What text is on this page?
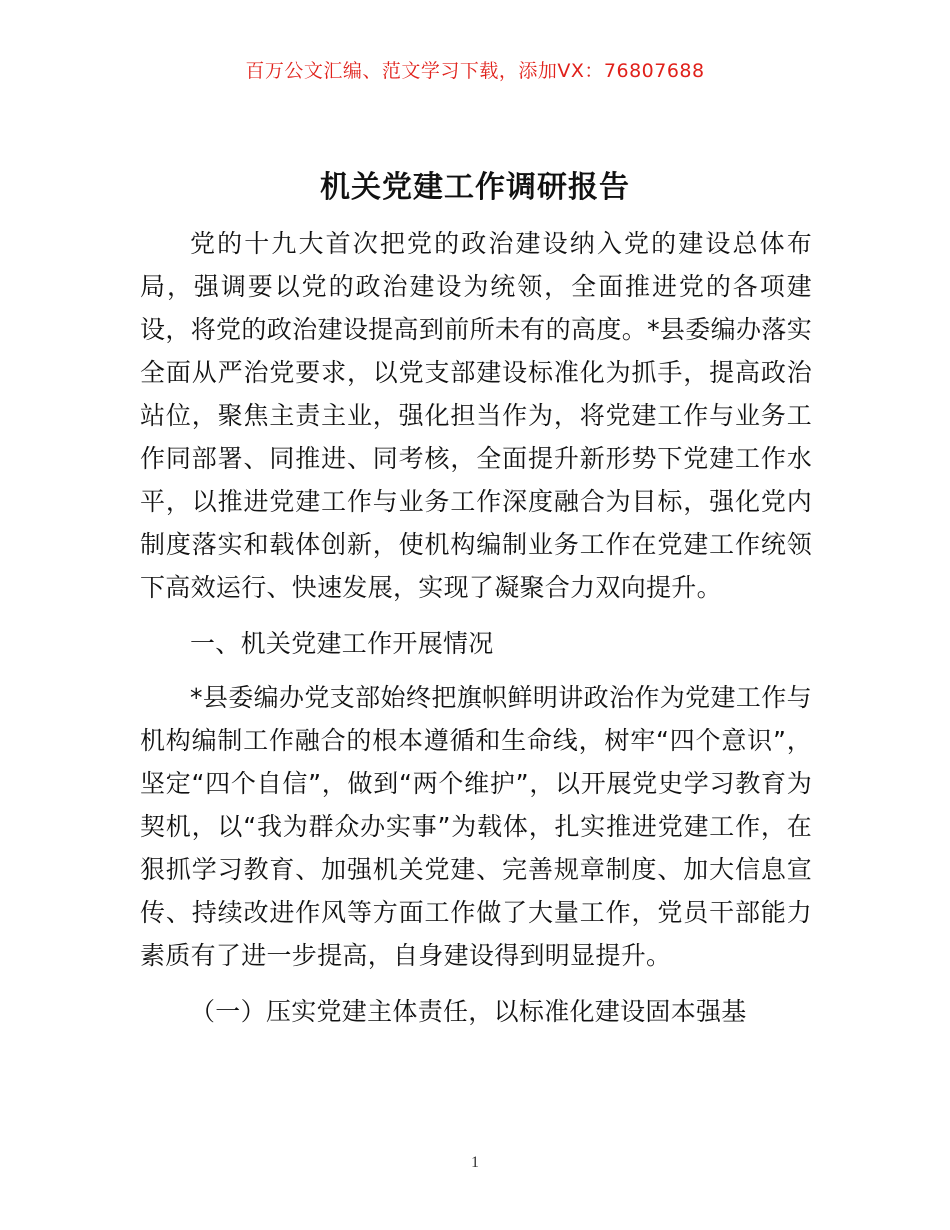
百万公文汇编、范文学习下载，添加VX：76807688
机关党建工作调研报告

党的十九大首次把党的政治建设纳入党的建设总体布局，强调要以党的政治建设为统领，全面推进党的各项建设，将党的政治建设提高到前所未有的高度。*县委编办落实全面从严治党要求，以党支部建设标准化为抓手，提高政治站位，聚焦主责主业，强化担当作为，将党建工作与业务工作同部署、同推进、同考核，全面提升新形势下党建工作水平，以推进党建工作与业务工作深度融合为目标，强化党内制度落实和载体创新，使机构编制业务工作在党建工作统领下高效运行、快速发展，实现了凝聚合力双向提升。

一、机关党建工作开展情况

*县委编办党支部始终把旗帜鲜明讲政治作为党建工作与机构编制工作融合的根本遵循和生命线，树牢“四个意识”，坚定“四个自信”，做到“两个维护”，以开展党史学习教育为契机，以“我为群众办实事”为载体，扎实推进党建工作，在狠抓学习教育、加强机关党建、完善规章制度、加大信息宣传、持续改进作风等方面工作做了大量工作，党员干部能力素质有了进一步提高，自身建设得到明显提升。

（一）压实党建主体责任，以标准化建设固本强基

1
